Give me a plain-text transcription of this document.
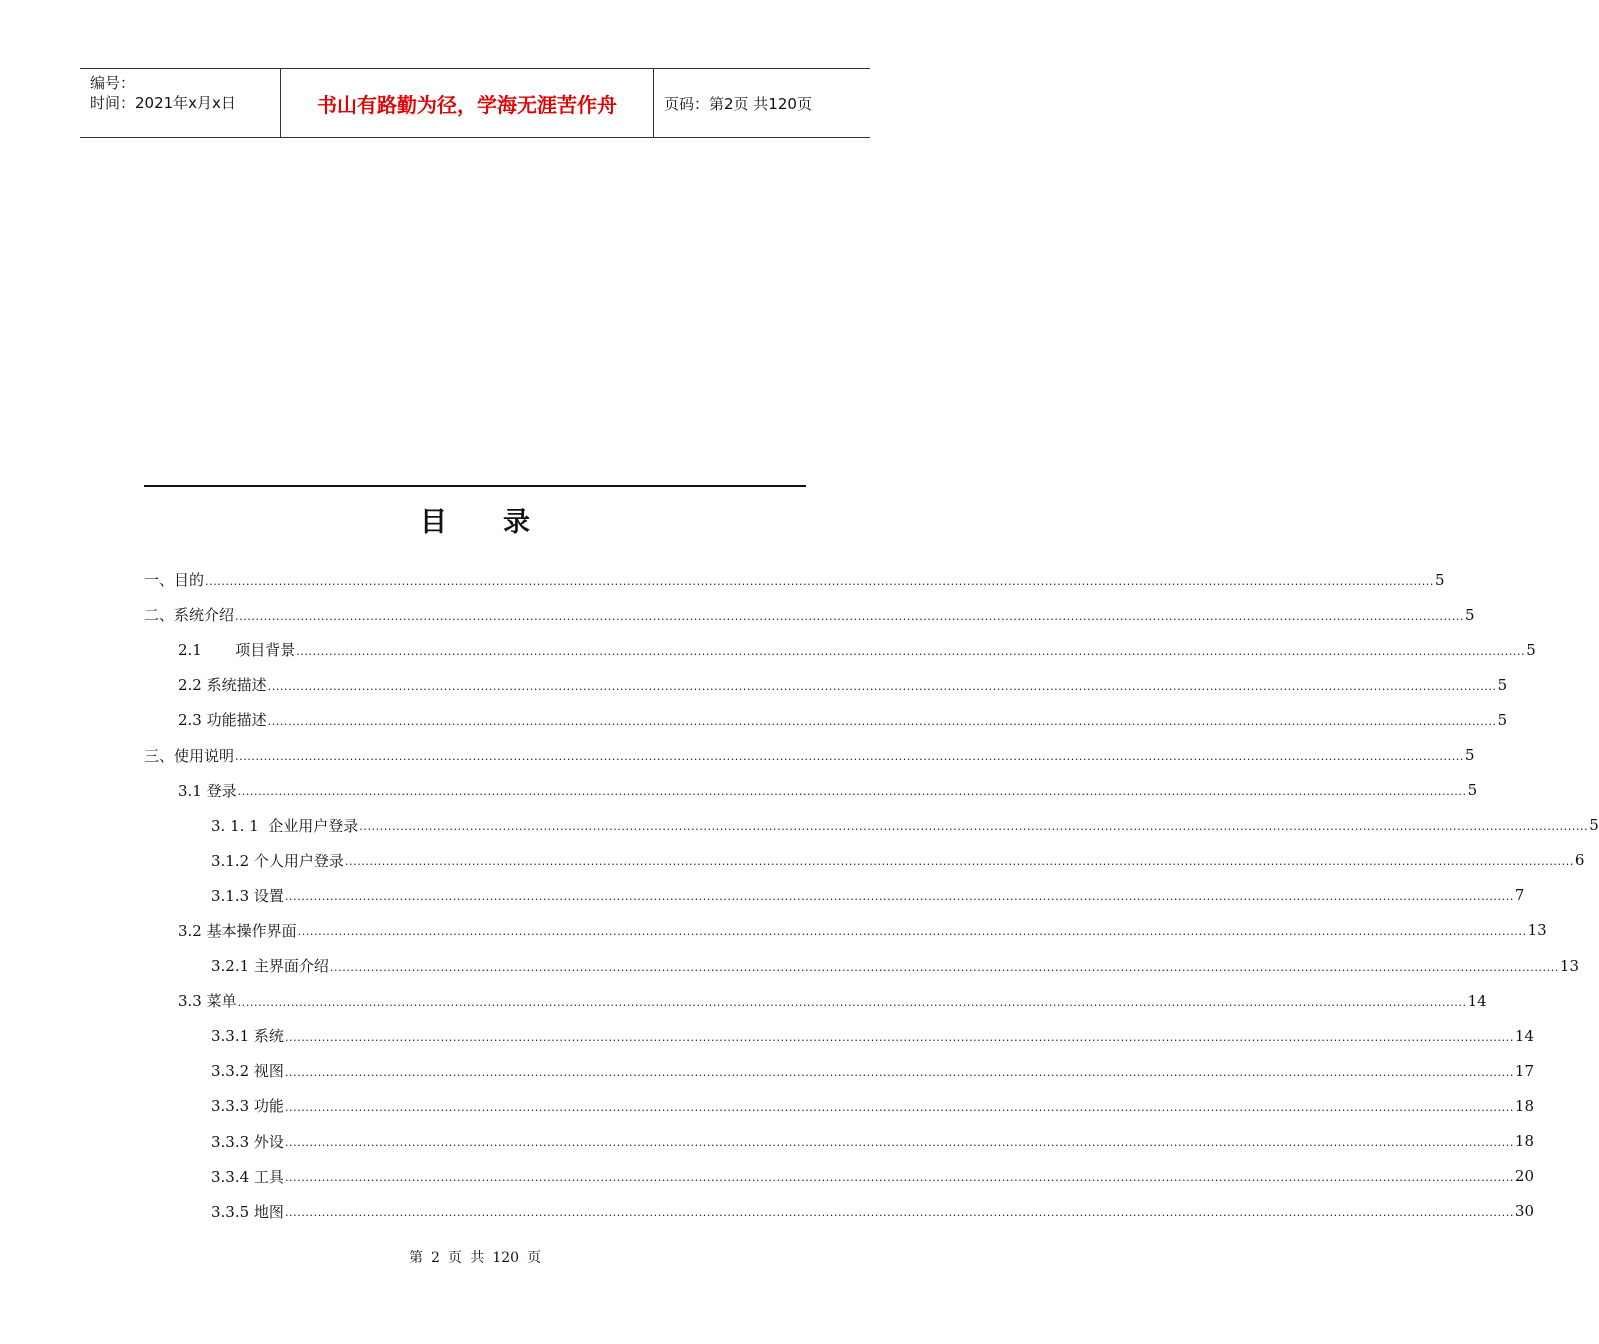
编号：
时间：2021年x月x日	书山有路勤为径，学海无涯苦作舟	页码：第2页 共120页
目录
一、目的 ............................................................................................................................................................................................................................................................................................................ 5
二、系统介绍 ............................................................................................................................................................................................................................................................................................................ 5
2.1       项目背景 ............................................................................................................................................................................................................................................................................................................ 5
2.2 系统描述 ............................................................................................................................................................................................................................................................................................................ 5
2.3 功能描述 ............................................................................................................................................................................................................................................................................................................ 5
三、使用说明 ............................................................................................................................................................................................................................................................................................................ 5
3.1 登录 ............................................................................................................................................................................................................................................................................................................ 5
3. 1. 1  企业用户登录 ............................................................................................................................................................................................................................................................................................................ 5
3.1.2 个人用户登录 ............................................................................................................................................................................................................................................................................................................ 6
3.1.3 设置 ............................................................................................................................................................................................................................................................................................................ 7
3.2 基本操作界面 ............................................................................................................................................................................................................................................................................................................ 13
3.2.1 主界面介绍 ............................................................................................................................................................................................................................................................................................................ 13
3.3 菜单 ............................................................................................................................................................................................................................................................................................................ 14
3.3.1 系统 ............................................................................................................................................................................................................................................................................................................ 14
3.3.2 视图 ............................................................................................................................................................................................................................................................................................................ 17
3.3.3 功能 ............................................................................................................................................................................................................................................................................................................ 18
3.3.3 外设 ............................................................................................................................................................................................................................................................................................................ 18
3.3.4 工具 ............................................................................................................................................................................................................................................................................................................ 20
3.3.5 地图 ............................................................................................................................................................................................................................................................................................................ 30
第 2 页 共 120 页
